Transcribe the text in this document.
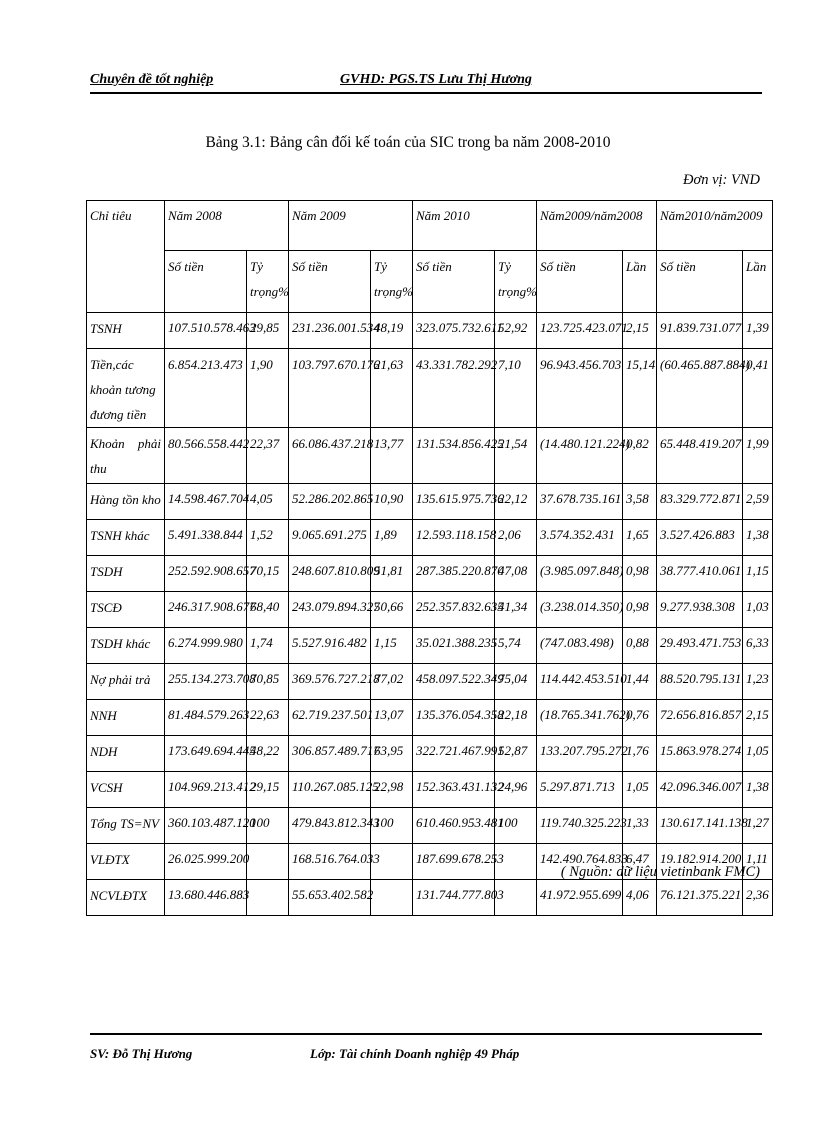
Chuyên đề tốt nghiệp	GVHD: PGS.TS Lưu Thị Hương
Bảng 3.1: Bảng cân đối kế toán của SIC trong ba năm 2008-2010
Đơn vị: VND
Chỉ tiêu	Năm 2008		Năm 2009		Năm 2010		Năm2009/năm2008		Năm2010/năm2009	
	Số tiền	Tỷ trọng%	Số tiền	Tỷ trọng%	Số tiền	Tỷ trọng%	Số tiền	Lần	Số tiền	Lần
TSNH	107.510.578.463	29,85	231.236.001.534	48,19	323.075.732.611	52,92	123.725.423.071	2,15	91.839.731.077	1,39
Tiền,các khoản tương đương tiền	6.854.213.473	1,90	103.797.670.176	21,63	43.331.782.292	7,10	96.943.456.703	15,14	(60.465.887.884)	0,41
Khoản phải thu	80.566.558.442	22,37	66.086.437.218	13,77	131.534.856.425	21,54	(14.480.121.224)	0,82	65.448.419.207	1,99
Hàng tồn kho	14.598.467.704	4,05	52.286.202.865	10,90	135.615.975.736	22,12	37.678.735.161	3,58	83.329.772.871	2,59
TSNH khác	5.491.338.844	1,52	9.065.691.275	1,89	12.593.118.158	2,06	3.574.352.431	1,65	3.527.426.883	1,38
TSDH	252.592.908.657	70,15	248.607.810.809	51,81	287.385.220.870	47,08	(3.985.097.848)	0,98	38.777.410.061	1,15
TSCĐ	246.317.908.677	68,40	243.079.894.327	50,66	252.357.832.635	41,34	(3.238.014.350)	0,98	9.277.938.308	1,03
TSDH khác	6.274.999.980	1,74	5.527.916.482	1,15	35.021.388.235	5,74	(747.083.498)	0,88	29.493.471.753	6,33
Nợ phải trả	255.134.273.708	70,85	369.576.727.218	77,02	458.097.522.349	75,04	114.442.453.510	1,44	88.520.795.131	1,23
NNH	81.484.579.263	22,63	62.719.237.501	13,07	135.376.054.358	22,18	(18.765.341.762)	0,76	72.656.816.857	2,15
NDH	173.649.694.445	48,22	306.857.489.717	63,95	322.721.467.991	52,87	133.207.795.272	1,76	15.863.978.274	1,05
VCSH	104.969.213.412	29,15	110.267.085.125	22,98	152.363.431.132	24,96	5.297.871.713	1,05	42.096.346.007	1,38
Tổng TS=NV	360.103.487.120	100	479.843.812.343	100	610.460.953.481	100	119.740.325.223	1,33	130.617.141.138	1,27
VLĐTX	26.025.999.200		168.516.764.033		187.699.678.253		142.490.764.833	6,47	19.182.914.200	1,11
NCVLĐTX	13.680.446.883		55.653.402.582		131.744.777.803		41.972.955.699	4,06	76.121.375.221	2,36
( Nguồn: dữ liệu vietinbank FMC)
SV: Đỗ Thị Hương	Lớp: Tài chính Doanh nghiệp 49 Pháp
